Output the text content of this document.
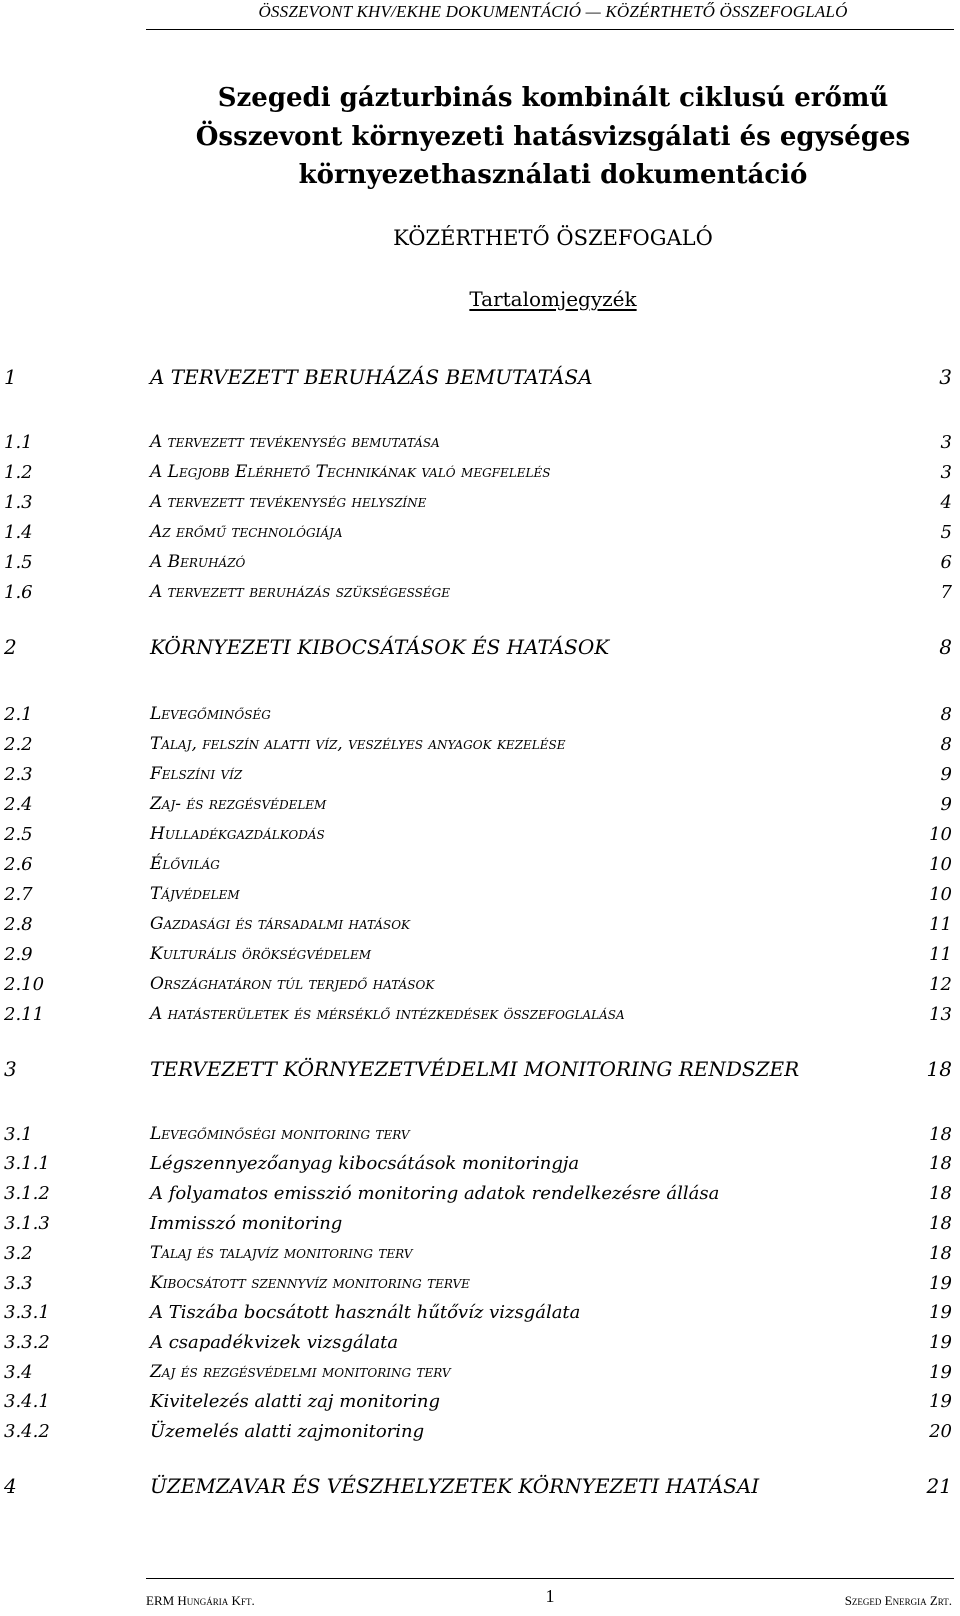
ÖSSZEVONT KHV/EKHE DOKUMENTÁCIÓ — KÖZÉRTHETŐ ÖSSZEFOGLALÓ
Szegedi gázturbinás kombinált ciklusú erőmű
Összevont környezeti hatásvizsgálati és egységes
környezethasználati dokumentáció
KÖZÉRTHETŐ ÖSZEFOGALÓ
Tartalomjegyzék
1	A TERVEZETT BERUHÁZÁS BEMUTATÁSA	3
1.1	A tervezett tevékenység bemutatása	3
1.2	A Legjobb Elérhető Technikának való megfelelés	3
1.3	A tervezett tevékenység helyszíne	4
1.4	Az erőmű technológiája	5
1.5	A Beruházó	6
1.6	A tervezett beruházás szükségessége	7
2	KÖRNYEZETI KIBOCSÁTÁSOK ÉS HATÁSOK	8
2.1	Levegőminőség	8
2.2	Talaj, felszín alatti víz, veszélyes anyagok kezelése	8
2.3	Felszíni víz	9
2.4	Zaj- és rezgésvédelem	9
2.5	Hulladékgazdálkodás	10
2.6	Élővilág	10
2.7	Tájvédelem	10
2.8	Gazdasági és társadalmi hatások	11
2.9	Kulturális örökségvédelem	11
2.10	Országhatáron túl terjedő hatások	12
2.11	A hatásterületek és mérséklő intézkedések összefoglalása	13
3	TERVEZETT KÖRNYEZETVÉDELMI MONITORING RENDSZER	18
3.1	Levegőminőségi monitoring terv	18
3.1.1	Légszennyezőanyag kibocsátások monitoringja	18
3.1.2	A folyamatos emisszió monitoring adatok rendelkezésre állása	18
3.1.3	Immisszó monitoring	18
3.2	Talaj és talajvíz monitoring terv	18
3.3	Kibocsátott szennyvíz monitoring terve	19
3.3.1	A Tiszába bocsátott használt hűtővíz vizsgálata	19
3.3.2	A csapadékvizek vizsgálata	19
3.4	Zaj és rezgésvédelmi monitoring terv	19
3.4.1	Kivitelezés alatti zaj monitoring	19
3.4.2	Üzemelés alatti zajmonitoring	20
4	ÜZEMZAVAR ÉS VÉSZHELYZETEK KÖRNYEZETI HATÁSAI	21
ERM Hungária Kft.	1	Szeged Energia Zrt.
